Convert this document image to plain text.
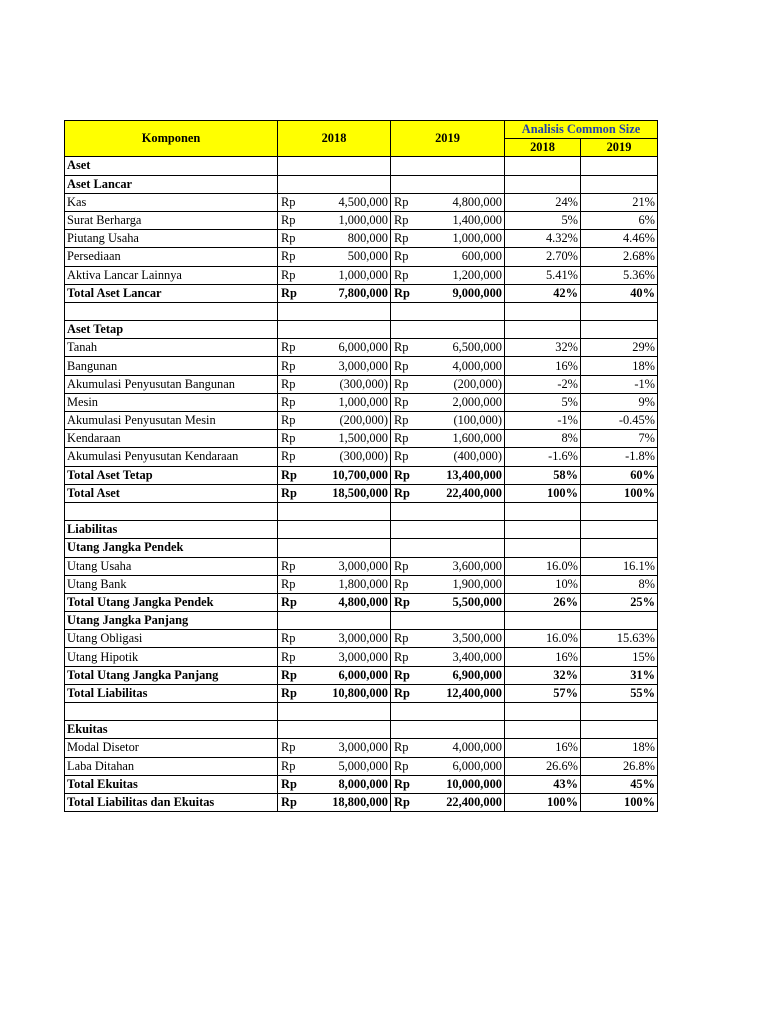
Komponen	2018		2019		Analisis Common Size	
					2018	2019
Aset						
Aset Lancar						
Kas	Rp	4,500,000	Rp	4,800,000	24%	21%
Surat Berharga	Rp	1,000,000	Rp	1,400,000	5%	6%
Piutang Usaha	Rp	800,000	Rp	1,000,000	4.32%	4.46%
Persediaan	Rp	500,000	Rp	600,000	2.70%	2.68%
Aktiva Lancar Lainnya	Rp	1,000,000	Rp	1,200,000	5.41%	5.36%
Total Aset Lancar	Rp	7,800,000	Rp	9,000,000	42%	40%

Aset Tetap						
Tanah	Rp	6,000,000	Rp	6,500,000	32%	29%
Bangunan	Rp	3,000,000	Rp	4,000,000	16%	18%
Akumulasi Penyusutan Bangunan	Rp	(300,000)	Rp	(200,000)	-2%	-1%
Mesin	Rp	1,000,000	Rp	2,000,000	5%	9%
Akumulasi Penyusutan Mesin	Rp	(200,000)	Rp	(100,000)	-1%	-0.45%
Kendaraan	Rp	1,500,000	Rp	1,600,000	8%	7%
Akumulasi Penyusutan Kendaraan	Rp	(300,000)	Rp	(400,000)	-1.6%	-1.8%
Total Aset Tetap	Rp	10,700,000	Rp	13,400,000	58%	60%
Total Aset	Rp	18,500,000	Rp	22,400,000	100%	100%

Liabilitas						
Utang Jangka Pendek						
Utang Usaha	Rp	3,000,000	Rp	3,600,000	16.0%	16.1%
Utang Bank	Rp	1,800,000	Rp	1,900,000	10%	8%
Total Utang Jangka Pendek	Rp	4,800,000	Rp	5,500,000	26%	25%
Utang Jangka Panjang						
Utang Obligasi	Rp	3,000,000	Rp	3,500,000	16.0%	15.63%
Utang Hipotik	Rp	3,000,000	Rp	3,400,000	16%	15%
Total Utang Jangka Panjang	Rp	6,000,000	Rp	6,900,000	32%	31%
Total Liabilitas	Rp	10,800,000	Rp	12,400,000	57%	55%

Ekuitas						
Modal Disetor	Rp	3,000,000	Rp	4,000,000	16%	18%
Laba Ditahan	Rp	5,000,000	Rp	6,000,000	26.6%	26.8%
Total Ekuitas	Rp	8,000,000	Rp	10,000,000	43%	45%
Total Liabilitas dan Ekuitas	Rp	18,800,000	Rp	22,400,000	100%	100%
